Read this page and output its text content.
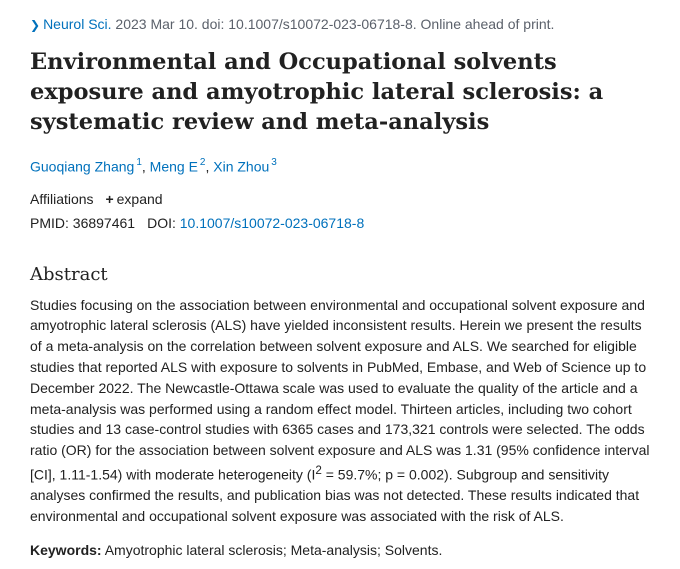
❯ Neurol Sci. 2023 Mar 10. doi: 10.1007/s10072-023-06718-8. Online ahead of print.
Environmental and Occupational solvents exposure and amyotrophic lateral sclerosis: a systematic review and meta-analysis
Guoqiang Zhang $^1$, Meng E $^2$, Xin Zhou $^3$
Affiliations + expand
PMID: 36897461 DOI: 10.1007/s10072-023-06718-8
Abstract
Studies focusing on the association between environmental and occupational solvent exposure and amyotrophic lateral sclerosis (ALS) have yielded inconsistent results. Herein we present the results of a meta-analysis on the correlation between solvent exposure and ALS. We searched for eligible studies that reported ALS with exposure to solvents in PubMed, Embase, and Web of Science up to December 2022. The Newcastle-Ottawa scale was used to evaluate the quality of the article and a meta-analysis was performed using a random effect model. Thirteen articles, including two cohort studies and 13 case-control studies with 6365 cases and 173,321 controls were selected. The odds ratio (OR) for the association between solvent exposure and ALS was 1.31 (95% confidence interval [CI], 1.11-1.54) with moderate heterogeneity ($I^2 = 59.7\%$; p = 0.002). Subgroup and sensitivity analyses confirmed the results, and publication bias was not detected. These results indicated that environmental and occupational solvent exposure was associated with the risk of ALS.
Keywords: Amyotrophic lateral sclerosis; Meta-analysis; Solvents.
